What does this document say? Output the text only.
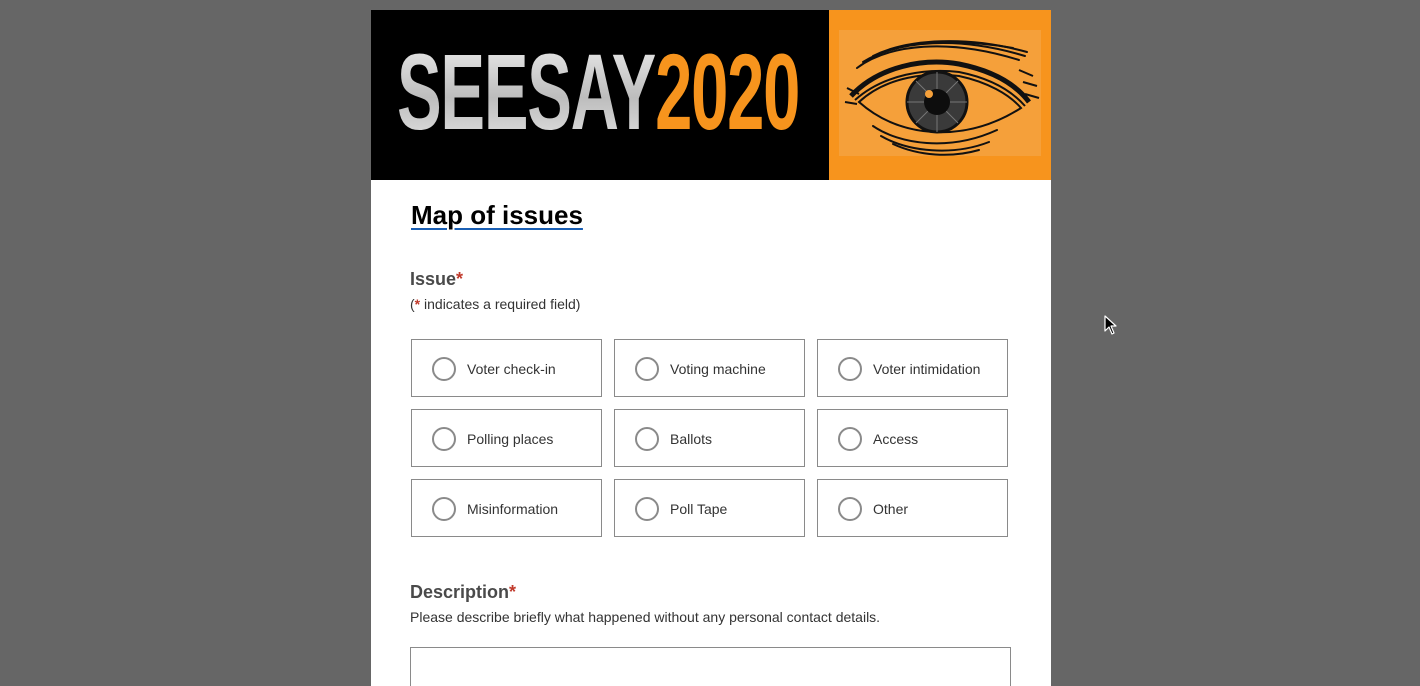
SEESAY2020
Map of issues
Issue*
(* indicates a required field)
Voter check-in	Voting machine	Voter intimidation
Polling places	Ballots	Access
Misinformation	Poll Tape	Other
Description*
Please describe briefly what happened without any personal contact details.
